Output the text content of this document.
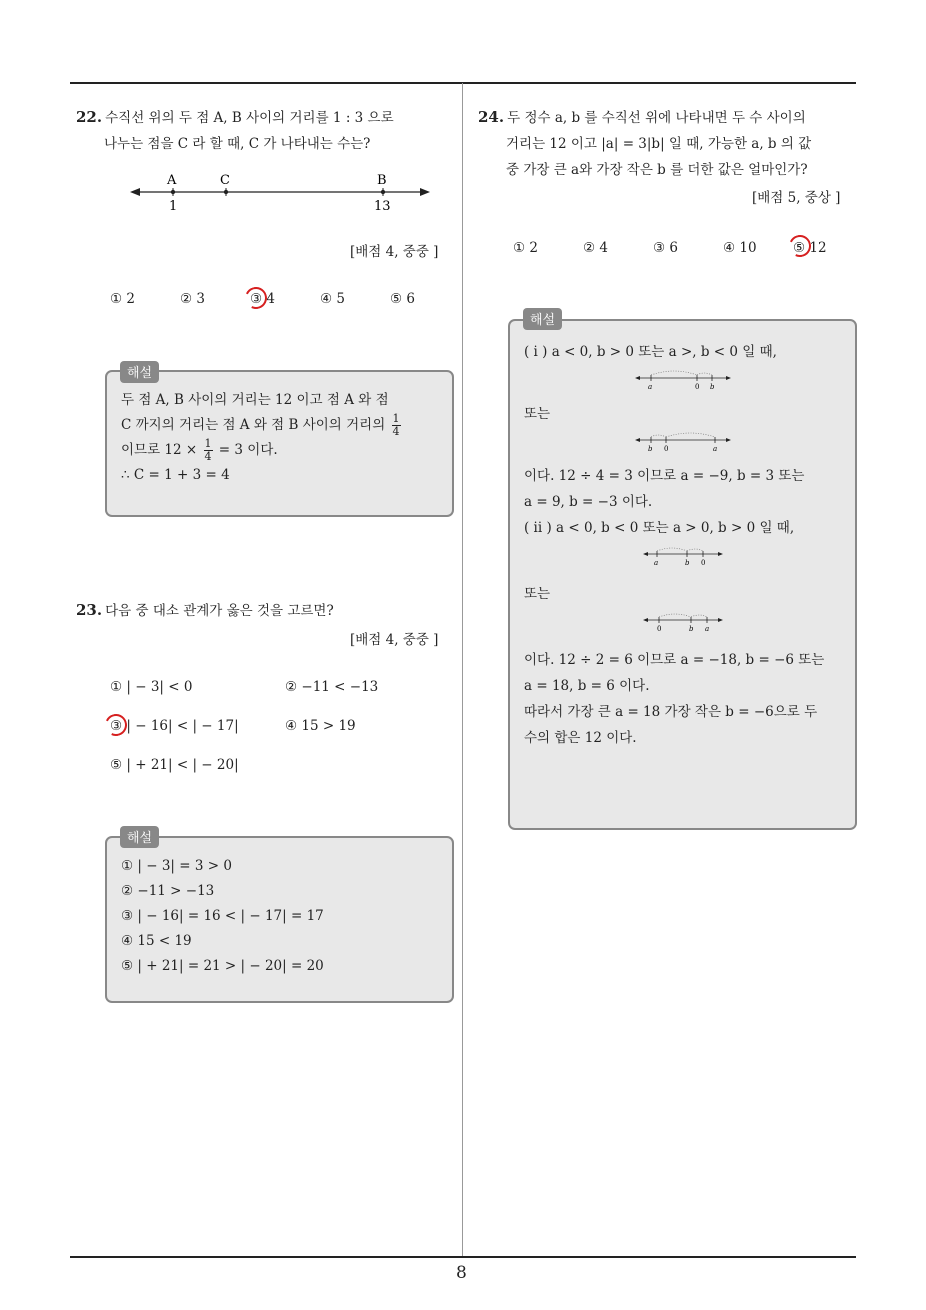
8
22. 수직선 위의 두 점 A, B 사이의 거리를 1 : 3 으로
나누는 점을 C 라 할 때, C 가 나타내는 수는?
A	C	B
1	13
[배점 4, 중중 ]
① 2	② 3	③ 4	④ 5	⑤ 6
두 점 A, B 사이의 거리는 12 이고 점 A 와 점
C 까지의 거리는 점 A 와 점 B 사이의 거리의 $\frac{1}{4}$
이므로 $12 \times \frac{1}{4} = 3$ 이다.
∴ C = 1 + 3 = 4
해설
23. 다음 중 대소 관계가 옳은 것을 고르면?
[배점 4, 중중 ]
① | − 3| < 0	② −11 < −13
③ | − 16| < | − 17|	④ 15 > 19
⑤ | + 21| < | − 20|
① | − 3| = 3 > 0
② −11 > −13
③ | − 16| = 16 < | − 17| = 17
④ 15 < 19
⑤ | + 21| = 21 > | − 20| = 20
해설
24. 두 정수 a, b 를 수직선 위에 나타내면 두 수 사이의
거리는 12 이고 |a| = 3|b| 일 때, 가능한 a, b 의 값
중 가장 큰 a와 가장 작은 b 를 더한 값은 얼마인가?
[배점 5, 중상 ]
① 2	② 4	③ 6	④ 10	⑤ 12
( i ) a < 0, b > 0 또는 a >, b < 0 일 때,
a	0 b
또는
b 0	a
이다. 12 ÷ 4 = 3 이므로 a = −9, b = 3 또는
a = 9, b = −3 이다.
( ii ) a < 0, b < 0 또는 a > 0, b > 0 일 때,
a	b 0
또는
0	b a
이다. 12 ÷ 2 = 6 이므로 a = −18, b = −6 또는
a = 18, b = 6 이다.
따라서 가장 큰 a = 18 가장 작은 b = −6으로 두
수의 합은 12 이다.
해설
